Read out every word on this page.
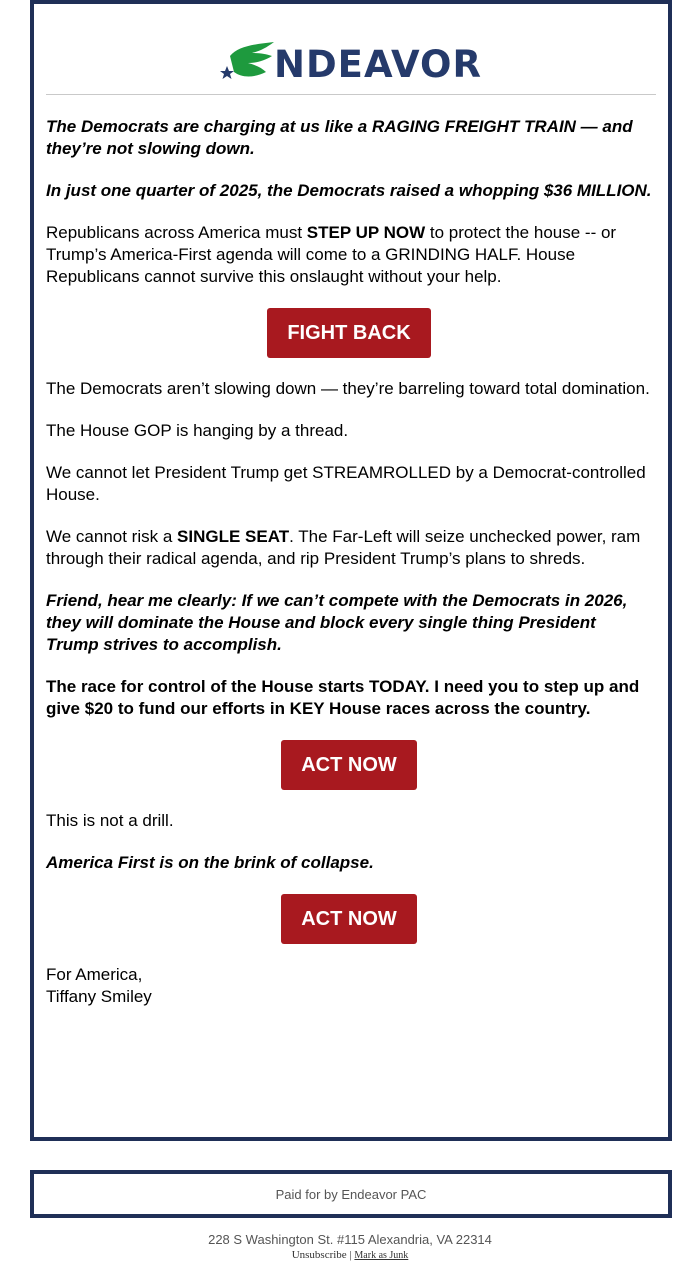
NDEAVOR

The Democrats are charging at us like a RAGING FREIGHT TRAIN — and they’re not slowing down.

In just one quarter of 2025, the Democrats raised a whopping $36 MILLION.

Republicans across America must STEP UP NOW to protect the house -- or Trump’s America-First agenda will come to a GRINDING HALF. House Republicans cannot survive this onslaught without your help.

FIGHT BACK

The Democrats aren’t slowing down — they’re barreling toward total domination.

The House GOP is hanging by a thread.

We cannot let President Trump get STREAMROLLED by a Democrat-controlled House.

We cannot risk a SINGLE SEAT. The Far-Left will seize unchecked power, ram through their radical agenda, and rip President Trump’s plans to shreds.

Friend, hear me clearly: If we can’t compete with the Democrats in 2026, they will dominate the House and block every single thing President Trump strives to accomplish.

The race for control of the House starts TODAY. I need you to step up and give $20 to fund our efforts in KEY House races across the country.

ACT NOW

This is not a drill.

America First is on the brink of collapse.

ACT NOW
For America,
Tiffany Smiley
Paid for by Endeavor PAC
228 S Washington St. #115 Alexandria, VA 22314
Unsubscribe | Mark as Junk
